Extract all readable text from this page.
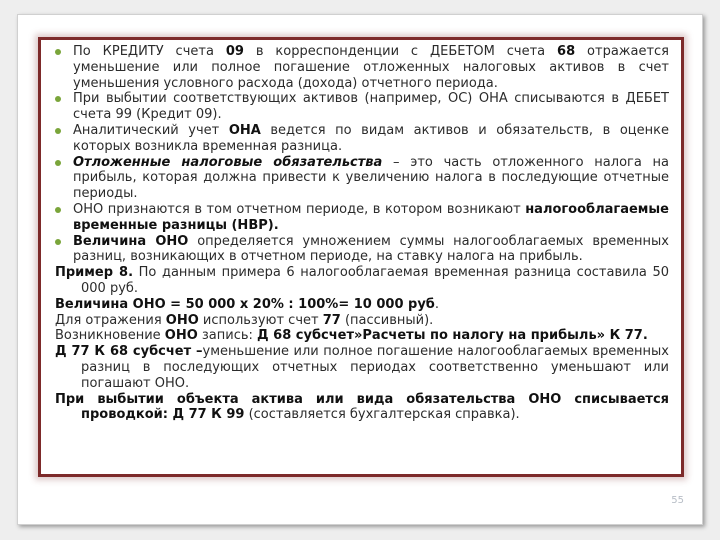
По КРЕДИТУ счета 09 в корреспонденции с ДЕБЕТОМ счета 68 отражается уменьшение или полное погашение отложенных налоговых активов в счет уменьшения условного расхода (дохода) отчетного периода.

При выбытии соответствующих активов (например, ОС) ОНА списываются в ДЕБЕТ счета 99 (Кредит 09).

Аналитический учет ОНА ведется по видам активов и обязательств, в оценке которых возникла временная разница.

Отложенные налоговые обязательства – это часть отложенного налога на прибыль, которая должна привести к увеличению налога в последующие отчетные периоды.

ОНО признаются в том отчетном периоде, в котором возникают налогооблагаемые временные разницы (НВР).

Величина ОНО определяется умножением суммы налогооблагаемых временных разниц, возникающих в отчетном периоде, на ставку налога на прибыль.

Пример 8. По данным примера 6 налогооблагаемая временная разница составила 50 000 руб.

Величина ОНО = 50 000 х 20% : 100%= 10 000 руб.

Для отражения ОНО используют счет 77 (пассивный).

Возникновение ОНО запись: Д 68 субсчет»Расчеты по налогу на прибыль» К 77.

Д 77 К 68 субсчет –уменьшение или полное погашение налогооблагаемых временных разниц в последующих отчетных периодах соответственно уменьшают или погашают ОНО.

При выбытии объекта актива или вида обязательства ОНО списывается проводкой: Д 77 К 99 (составляется бухгалтерская справка).

55
